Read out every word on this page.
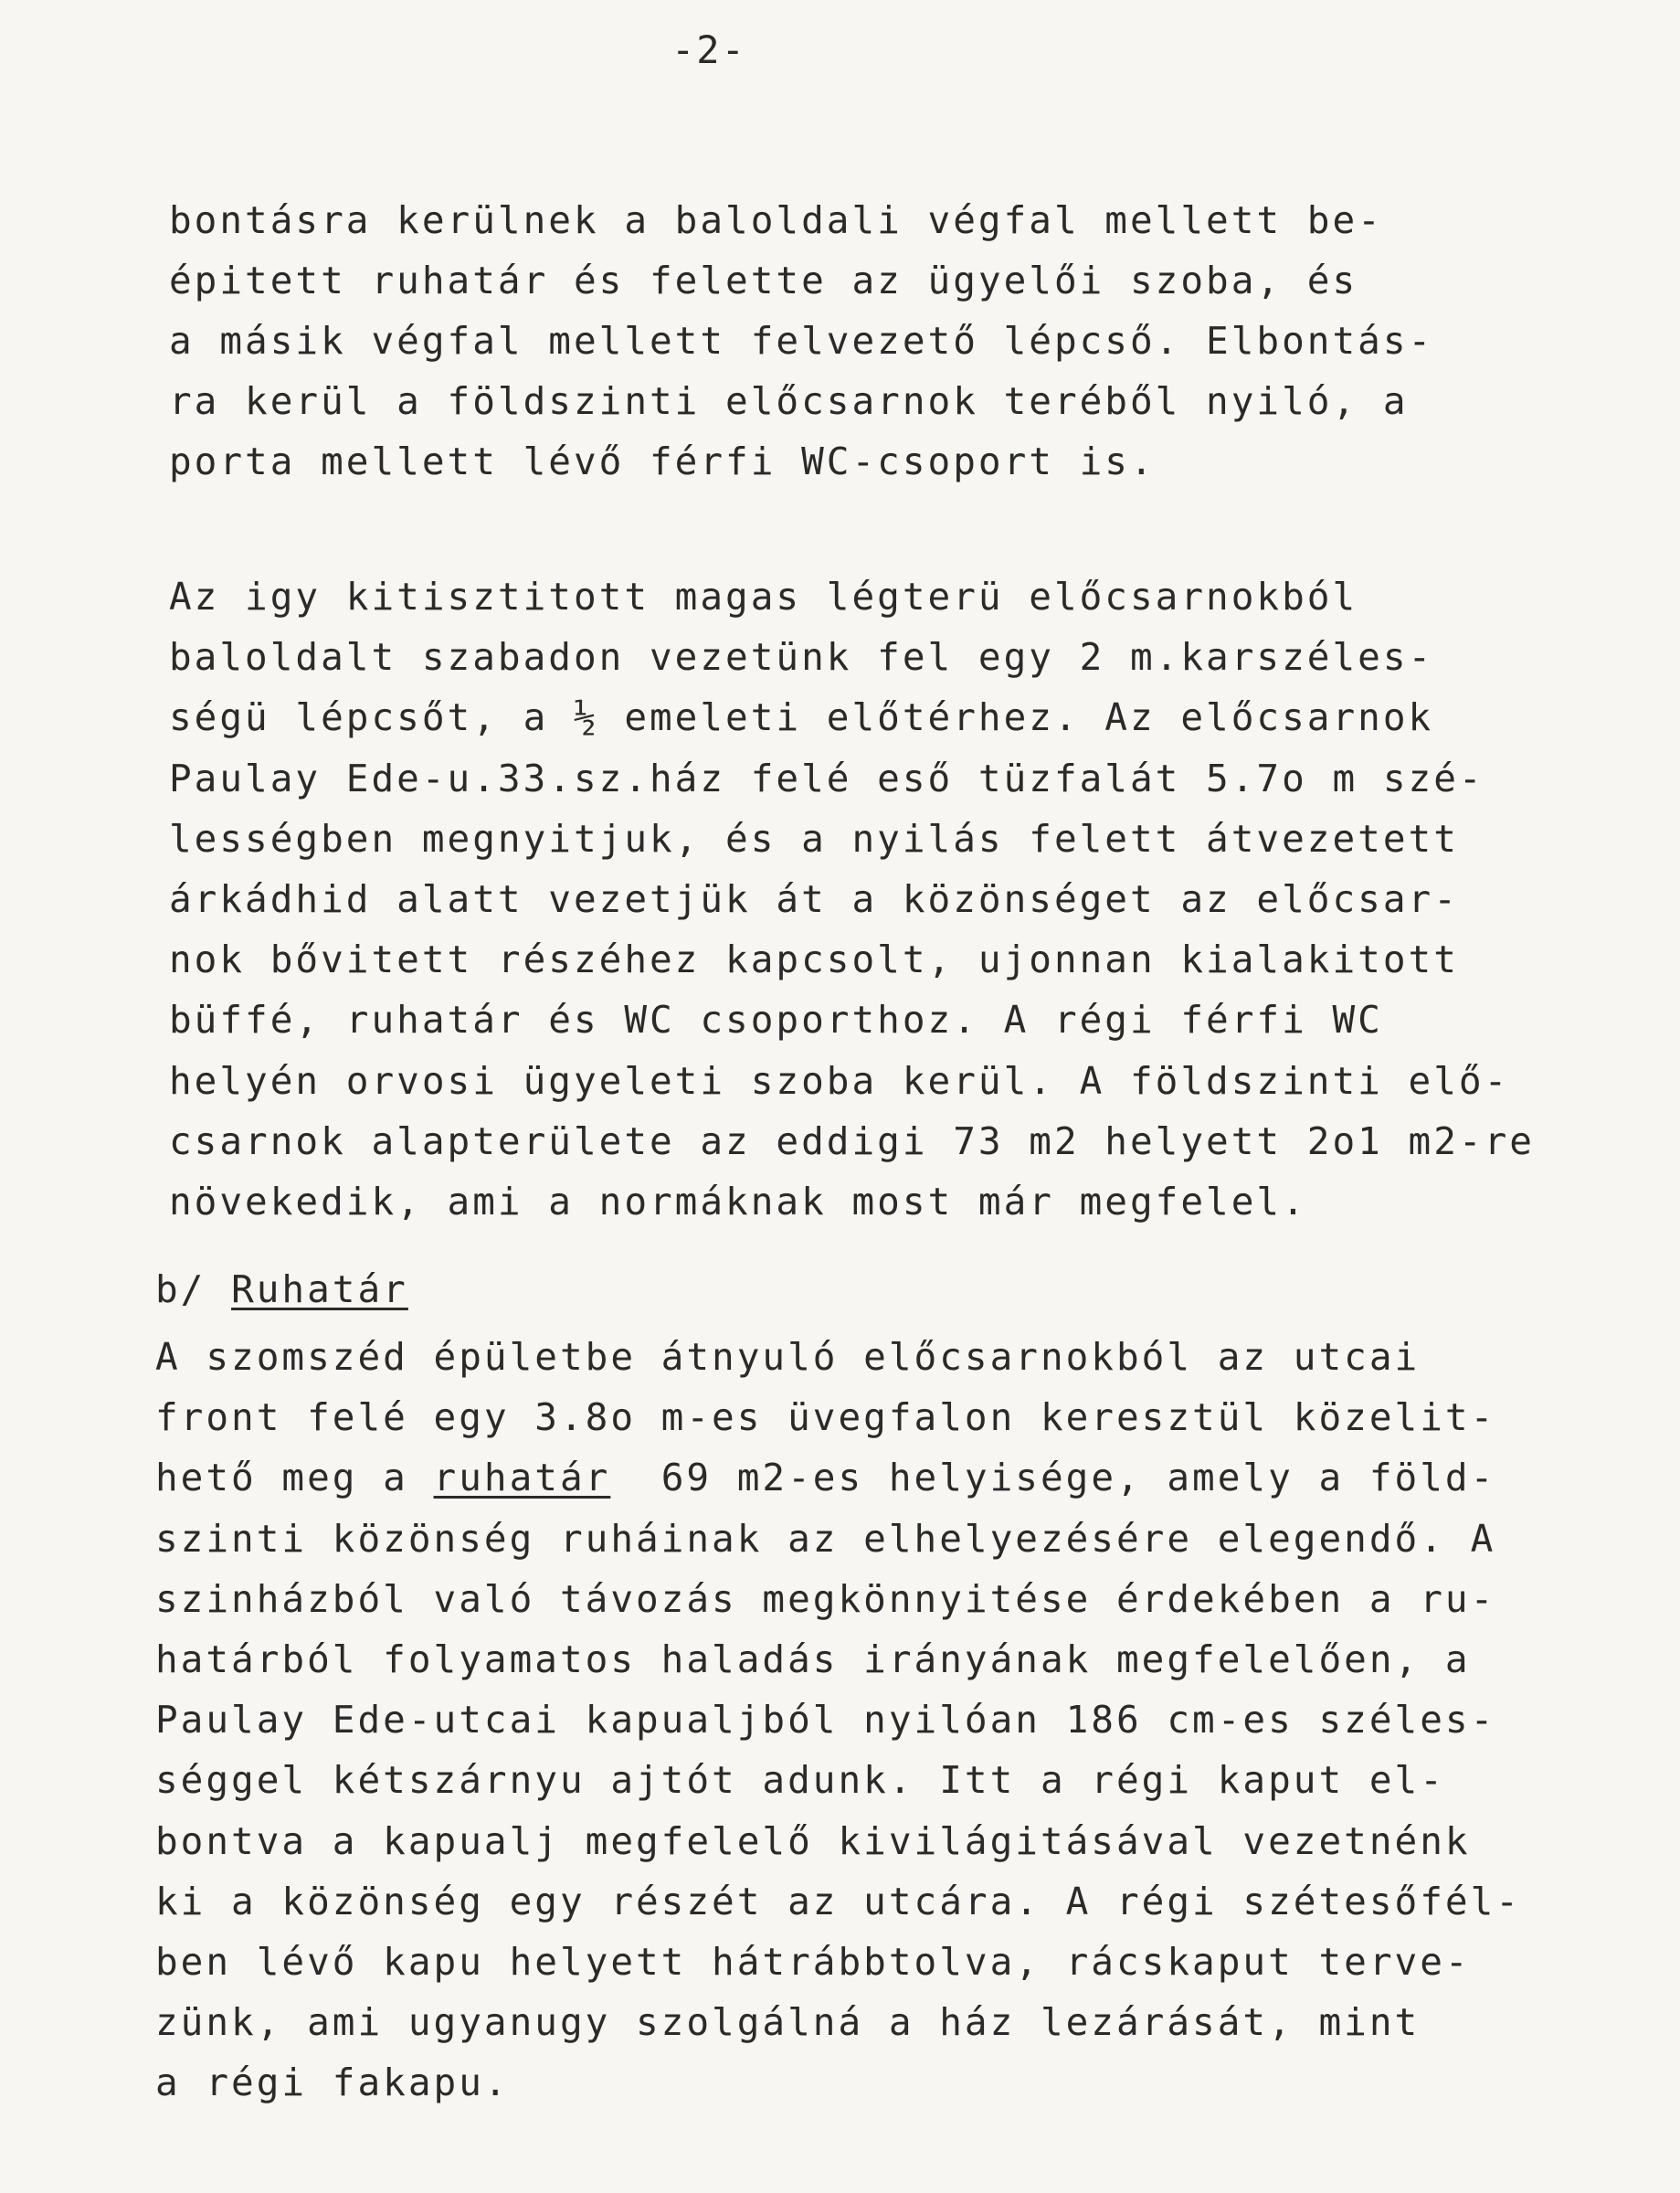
-2-
bontásra kerülnek a baloldali végfal mellett be-
épitett ruhatár és felette az ügyelői szoba, és
a másik végfal mellett felvezető lépcső. Elbontás-
ra kerül a földszinti előcsarnok teréből nyiló, a
porta mellett lévő férfi WC-csoport is.
Az igy kitisztitott magas légterü előcsarnokból
baloldalt szabadon vezetünk fel egy 2 m.karszéles-
ségü lépcsőt, a ½ emeleti előtérhez. Az előcsarnok
Paulay Ede-u.33.sz.ház felé eső tüzfalát 5.7o m szé-
lességben megnyitjuk, és a nyilás felett átvezetett
árkádhid alatt vezetjük át a közönséget az előcsar-
nok bővitett részéhez kapcsolt, ujonnan kialakitott
büffé, ruhatár és WC csoporthoz. A régi férfi WC
helyén orvosi ügyeleti szoba kerül. A földszinti elő-
csarnok alapterülete az eddigi 73 m2 helyett 2o1 m2-re
növekedik, ami a normáknak most már megfelel.
b/ Ruhatár
A szomszéd épületbe átnyuló előcsarnokból az utcai
front felé egy 3.8o m-es üvegfalon keresztül közelit-
hető meg a ruhatár  69 m2-es helyisége, amely a föld-
szinti közönség ruháinak az elhelyezésére elegendő. A
szinházból való távozás megkönnyitése érdekében a ru-
határból folyamatos haladás irányának megfelelően, a
Paulay Ede-utcai kapualjból nyilóan 186 cm-es széles-
séggel kétszárnyu ajtót adunk. Itt a régi kaput el-
bontva a kapualj megfelelő kivilágitásával vezetnénk
ki a közönség egy részét az utcára. A régi szétesőfél-
ben lévő kapu helyett hátrábbtolva, rácskaput terve-
zünk, ami ugyanugy szolgálná a ház lezárását, mint
a régi fakapu.
